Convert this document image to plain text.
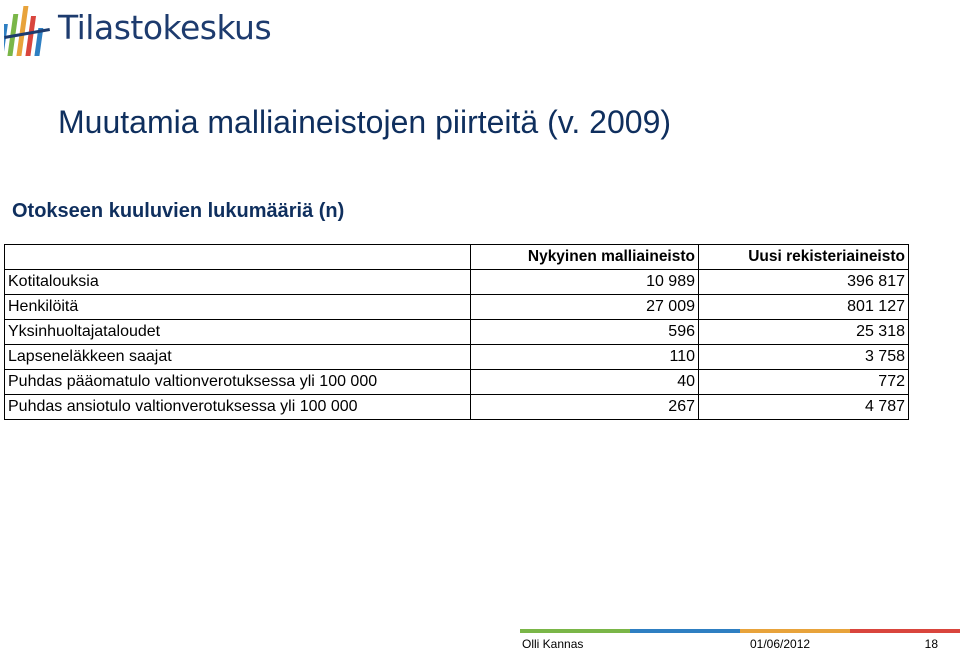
Tilastokeskus
Muutamia malliaineistojen piirteitä (v. 2009)
Otokseen kuuluvien lukumääriä (n)
	Nykyinen malliaineisto	Uusi rekisteriaineisto
Kotitalouksia	10 989	396 817
Henkilöitä	27 009	801 127
Yksinhuoltajataloudet	596	25 318
Lapseneläkkeen saajat	110	3 758
Puhdas pääomatulo valtionverotuksessa yli 100 000	40	772
Puhdas ansiotulo valtionverotuksessa yli 100 000	267	4 787
Olli Kannas	01/06/2012	18
